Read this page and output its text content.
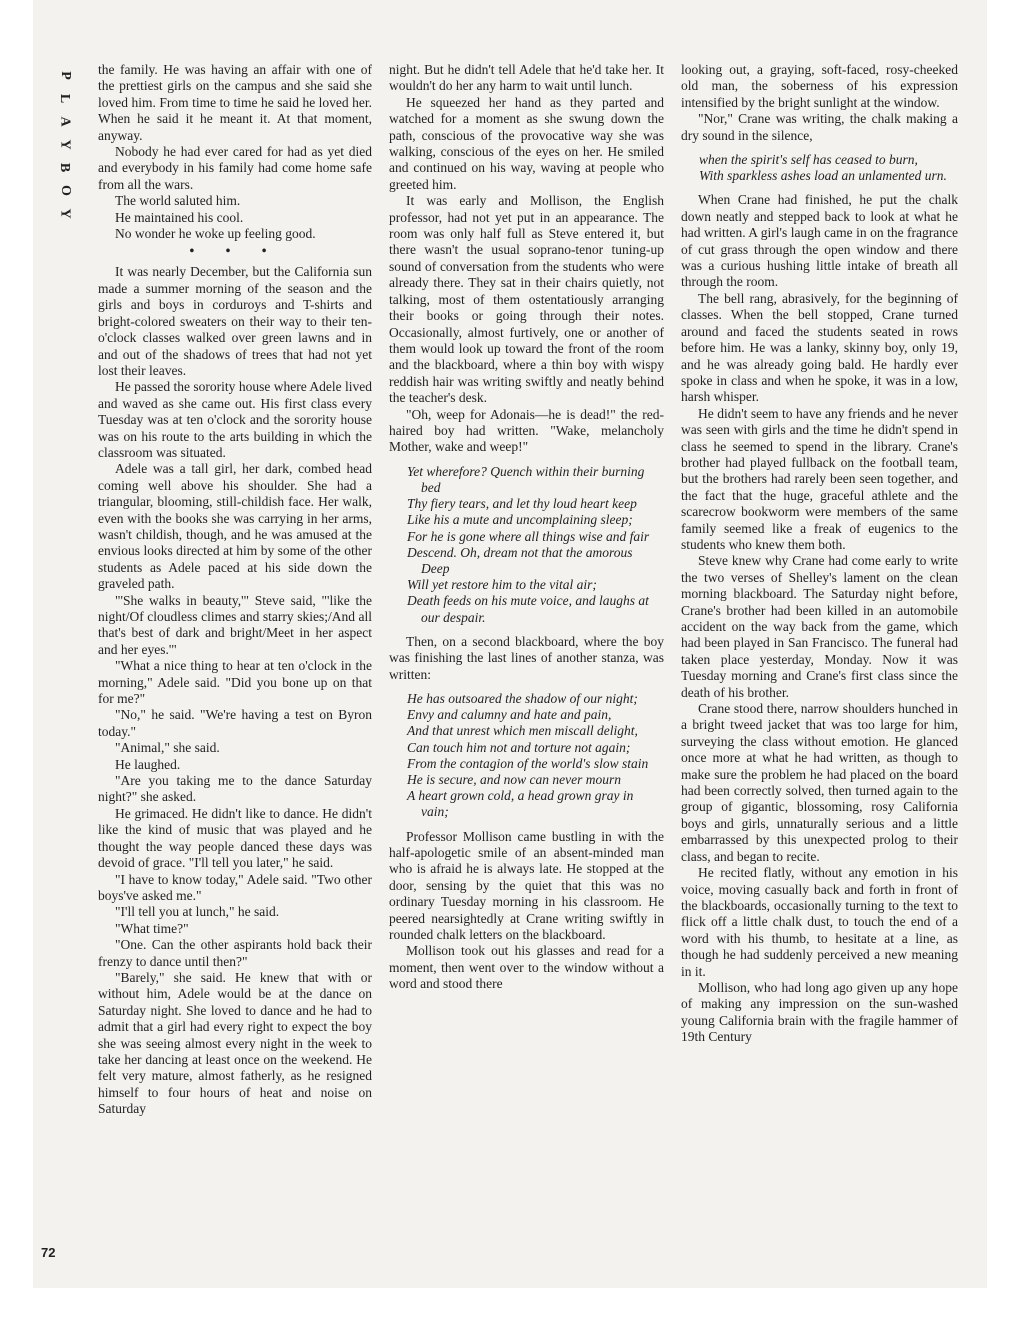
P
L
A
Y
B
O
Y
72

the family. He was having an affair with one of the prettiest girls on the campus and she said she loved him. From time to time he said he loved her. When he said it he meant it. At that moment, anyway.

Nobody he had ever cared for had as yet died and everybody in his family had come home safe from all the wars.

The world saluted him.

He maintained his cool.

No wonder he woke up feeling good.

• • •

It was nearly December, but the California sun made a summer morning of the season and the girls and boys in corduroys and T-shirts and bright-colored sweaters on their way to their ten-o'clock classes walked over green lawns and in and out of the shadows of trees that had not yet lost their leaves.

He passed the sorority house where Adele lived and waved as she came out. His first class every Tuesday was at ten o'clock and the sorority house was on his route to the arts building in which the classroom was situated.

Adele was a tall girl, her dark, combed head coming well above his shoulder. She had a triangular, blooming, still-childish face. Her walk, even with the books she was carrying in her arms, wasn't childish, though, and he was amused at the envious looks directed at him by some of the other students as Adele paced at his side down the graveled path.

"'She walks in beauty,'" Steve said, "'like the night/Of cloudless climes and starry skies;/And all that's best of dark and bright/Meet in her aspect and her eyes.'"

"What a nice thing to hear at ten o'clock in the morning," Adele said. "Did you bone up on that for me?"

"No," he said. "We're having a test on Byron today."

"Animal," she said.

He laughed.

"Are you taking me to the dance Saturday night?" she asked.

He grimaced. He didn't like to dance. He didn't like the kind of music that was played and he thought the way people danced these days was devoid of grace. "I'll tell you later," he said.

"I have to know today," Adele said. "Two other boys've asked me."

"I'll tell you at lunch," he said.

"What time?"

"One. Can the other aspirants hold back their frenzy to dance until then?"

"Barely," she said. He knew that with or without him, Adele would be at the dance on Saturday night. She loved to dance and he had to admit that a girl had every right to expect the boy she was seeing almost every night in the week to take her dancing at least once on the weekend. He felt very mature, almost fatherly, as he resigned himself to four hours of heat and noise on Saturday

night. But he didn't tell Adele that he'd take her. It wouldn't do her any harm to wait until lunch.

He squeezed her hand as they parted and watched for a moment as she swung down the path, conscious of the provocative way she was walking, conscious of the eyes on her. He smiled and continued on his way, waving at people who greeted him.

It was early and Mollison, the English professor, had not yet put in an appearance. The room was only half full as Steve entered it, but there wasn't the usual soprano-tenor tuning-up sound of conversation from the students who were already there. They sat in their chairs quietly, not talking, most of them ostentatiously arranging their books or going through their notes. Occasionally, almost furtively, one or another of them would look up toward the front of the room and the blackboard, where a thin boy with wispy reddish hair was writing swiftly and neatly behind the teacher's desk.

"Oh, weep for Adonais—he is dead!" the red-haired boy had written. "Wake, melancholy Mother, wake and weep!"

Yet wherefore? Quench within their burning bed
Thy fiery tears, and let thy loud heart keep
Like his a mute and uncomplaining sleep;
For he is gone where all things wise and fair
Descend. Oh, dream not that the amorous Deep
Will yet restore him to the vital air;
Death feeds on his mute voice, and laughs at our despair.

Then, on a second blackboard, where the boy was finishing the last lines of another stanza, was written:

He has outsoared the shadow of our night;
Envy and calumny and hate and pain,
And that unrest which men miscall delight,
Can touch him not and torture not again;
From the contagion of the world's slow stain
He is secure, and now can never mourn
A heart grown cold, a head grown gray in vain;

Professor Mollison came bustling in with the half-apologetic smile of an absent-minded man who is afraid he is always late. He stopped at the door, sensing by the quiet that this was no ordinary Tuesday morning in his classroom. He peered nearsightedly at Crane writing swiftly in rounded chalk letters on the blackboard.

Mollison took out his glasses and read for a moment, then went over to the window without a word and stood there

looking out, a graying, soft-faced, rosy-cheeked old man, the soberness of his expression intensified by the bright sunlight at the window.

"Nor," Crane was writing, the chalk making a dry sound in the silence,

when the spirit's self has ceased to burn,
With sparkless ashes load an unlamented urn.

When Crane had finished, he put the chalk down neatly and stepped back to look at what he had written. A girl's laugh came in on the fragrance of cut grass through the open window and there was a curious hushing little intake of breath all through the room.

The bell rang, abrasively, for the beginning of classes. When the bell stopped, Crane turned around and faced the students seated in rows before him. He was a lanky, skinny boy, only 19, and he was already going bald. He hardly ever spoke in class and when he spoke, it was in a low, harsh whisper.

He didn't seem to have any friends and he never was seen with girls and the time he didn't spend in class he seemed to spend in the library. Crane's brother had played fullback on the football team, but the brothers had rarely been seen together, and the fact that the huge, graceful athlete and the scarecrow bookworm were members of the same family seemed like a freak of eugenics to the students who knew them both.

Steve knew why Crane had come early to write the two verses of Shelley's lament on the clean morning blackboard. The Saturday night before, Crane's brother had been killed in an automobile accident on the way back from the game, which had been played in San Francisco. The funeral had taken place yesterday, Monday. Now it was Tuesday morning and Crane's first class since the death of his brother.

Crane stood there, narrow shoulders hunched in a bright tweed jacket that was too large for him, surveying the class without emotion. He glanced once more at what he had written, as though to make sure the problem he had placed on the board had been correctly solved, then turned again to the group of gigantic, blossoming, rosy California boys and girls, unnaturally serious and a little embarrassed by this unexpected prolog to their class, and began to recite.

He recited flatly, without any emotion in his voice, moving casually back and forth in front of the blackboards, occasionally turning to the text to flick off a little chalk dust, to touch the end of a word with his thumb, to hesitate at a line, as though he had suddenly perceived a new meaning in it.

Mollison, who had long ago given up any hope of making any impression on the sun-washed young California brain with the fragile hammer of 19th Century
